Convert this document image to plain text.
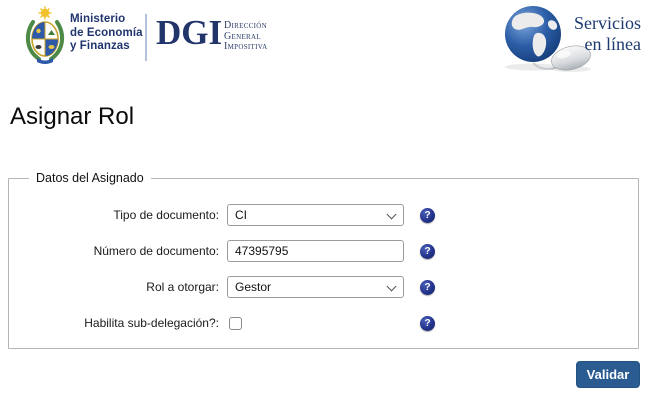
Ministerio
de Economía
y Finanzas DGI Dirección
General
Impositiva
Servicios
en línea
Asignar Rol
Datos del Asignado
Tipo de documento:
CI	?
Número de documento:
47395795	?
Rol a otorgar:
Gestor	?
Habilita sub-delegación?:	?
Validar
